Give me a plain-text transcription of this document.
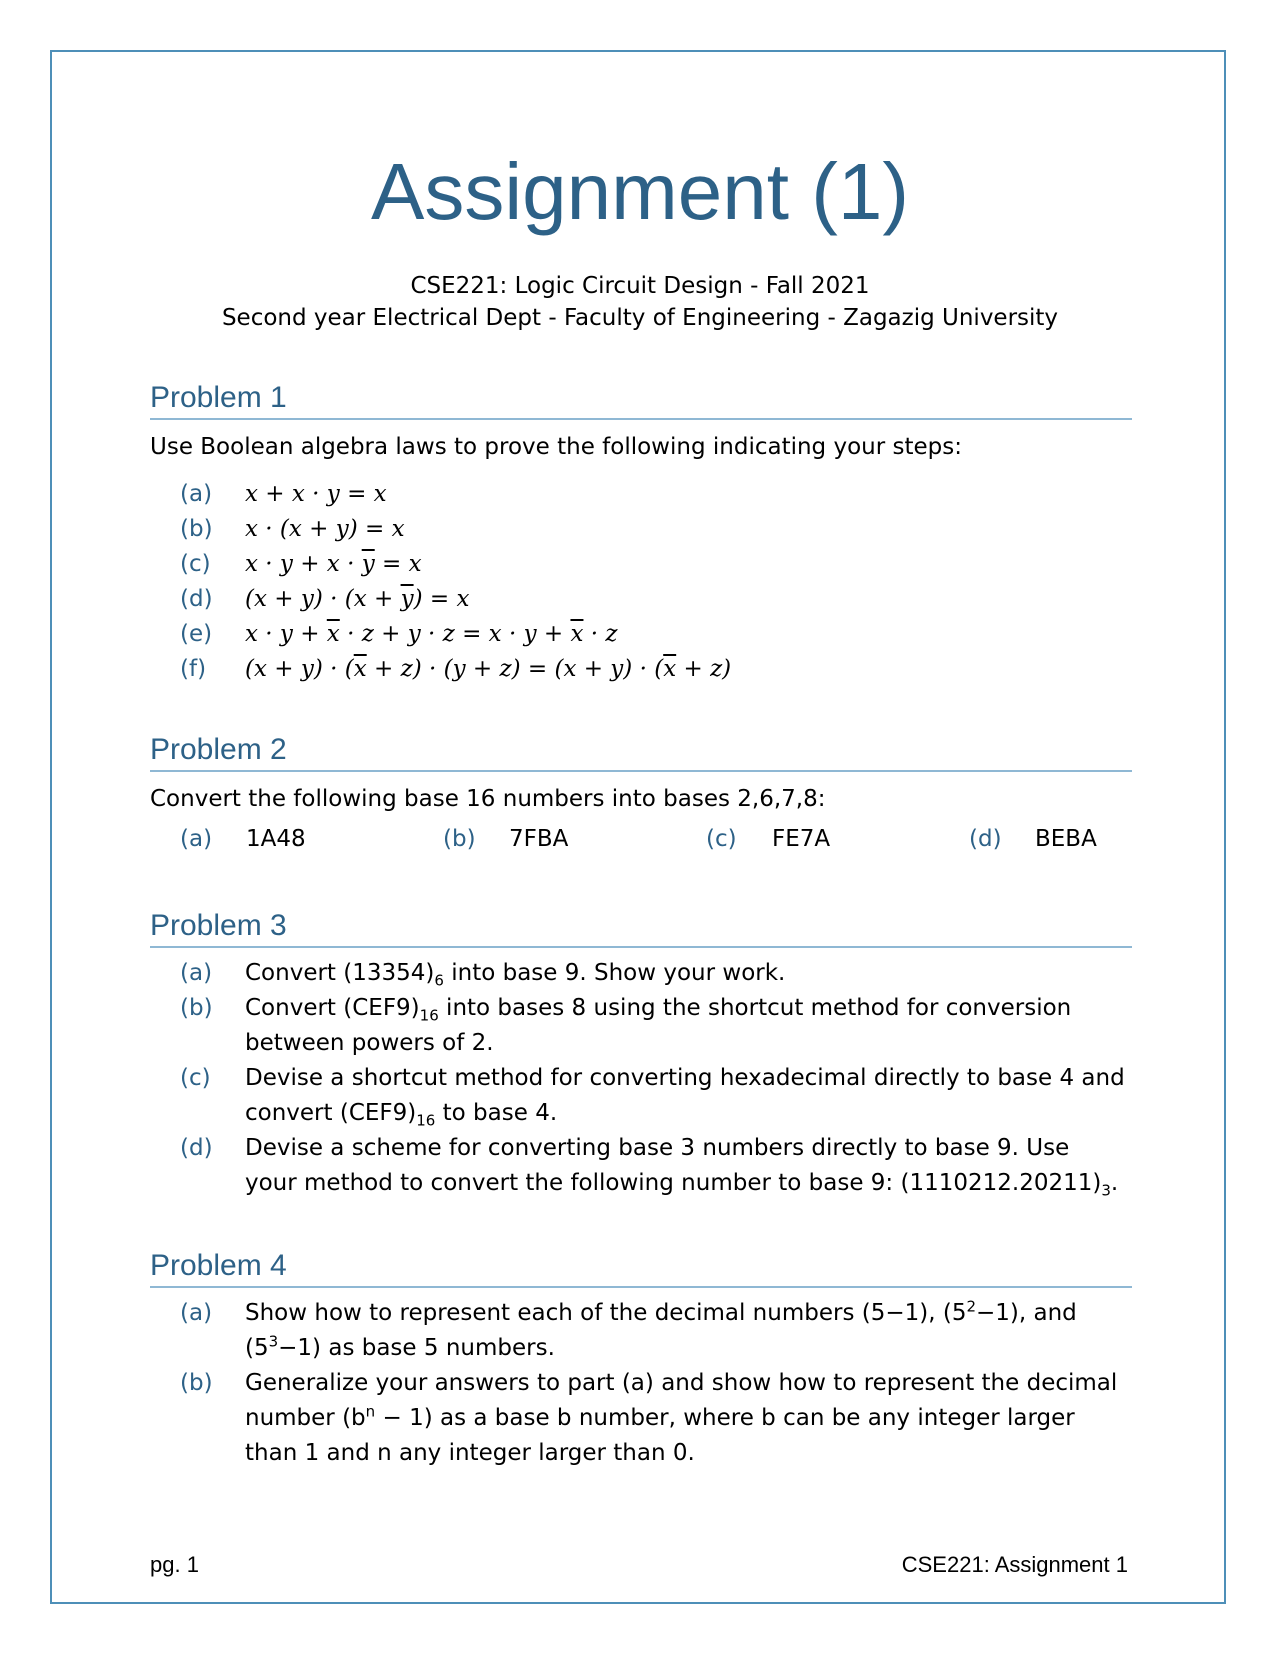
Assignment (1)
CSE221: Logic Circuit Design - Fall 2021
Second year Electrical Dept - Faculty of Engineering - Zagazig University
Problem 1
Use Boolean algebra laws to prove the following indicating your steps:
(a) x + x · y = x
(b) x · (x + y) = x
(c) $x \cdot y + x \cdot \overline{y} = x$
(d) $(x + y) \cdot (x + \overline{y}) = x$
(e) $x \cdot y + \overline{x} \cdot z + y \cdot z = x \cdot y + \overline{x} \cdot z$
(f) $(x + y) \cdot (\overline{x} + z) \cdot (y + z) = (x + y) \cdot (\overline{x} + z)$
Problem 2
Convert the following base 16 numbers into bases 2,6,7,8:
(a) 1A48	(b) 7FBA	(c) FE7A	(d) BEBA
Problem 3
(a) Convert $(13354)_6$ into base 9. Show your work.
(b) Convert $(CEF9)_{16}$ into bases 8 using the shortcut method for conversion between powers of 2.
(c) Devise a shortcut method for converting hexadecimal directly to base 4 and convert $(CEF9)_{16}$ to base 4.
(d) Devise a scheme for converting base 3 numbers directly to base 9. Use your method to convert the following number to base 9: $(1110212.20211)_3$.
Problem 4
(a) Show how to represent each of the decimal numbers (5−1), $(5^2-1)$, and $(5^3-1)$ as base 5 numbers.
(b) Generalize your answers to part (a) and show how to represent the decimal number $(b^n - 1)$ as a base b number, where b can be any integer larger than 1 and n any integer larger than 0.
pg. 1	CSE221: Assignment 1
